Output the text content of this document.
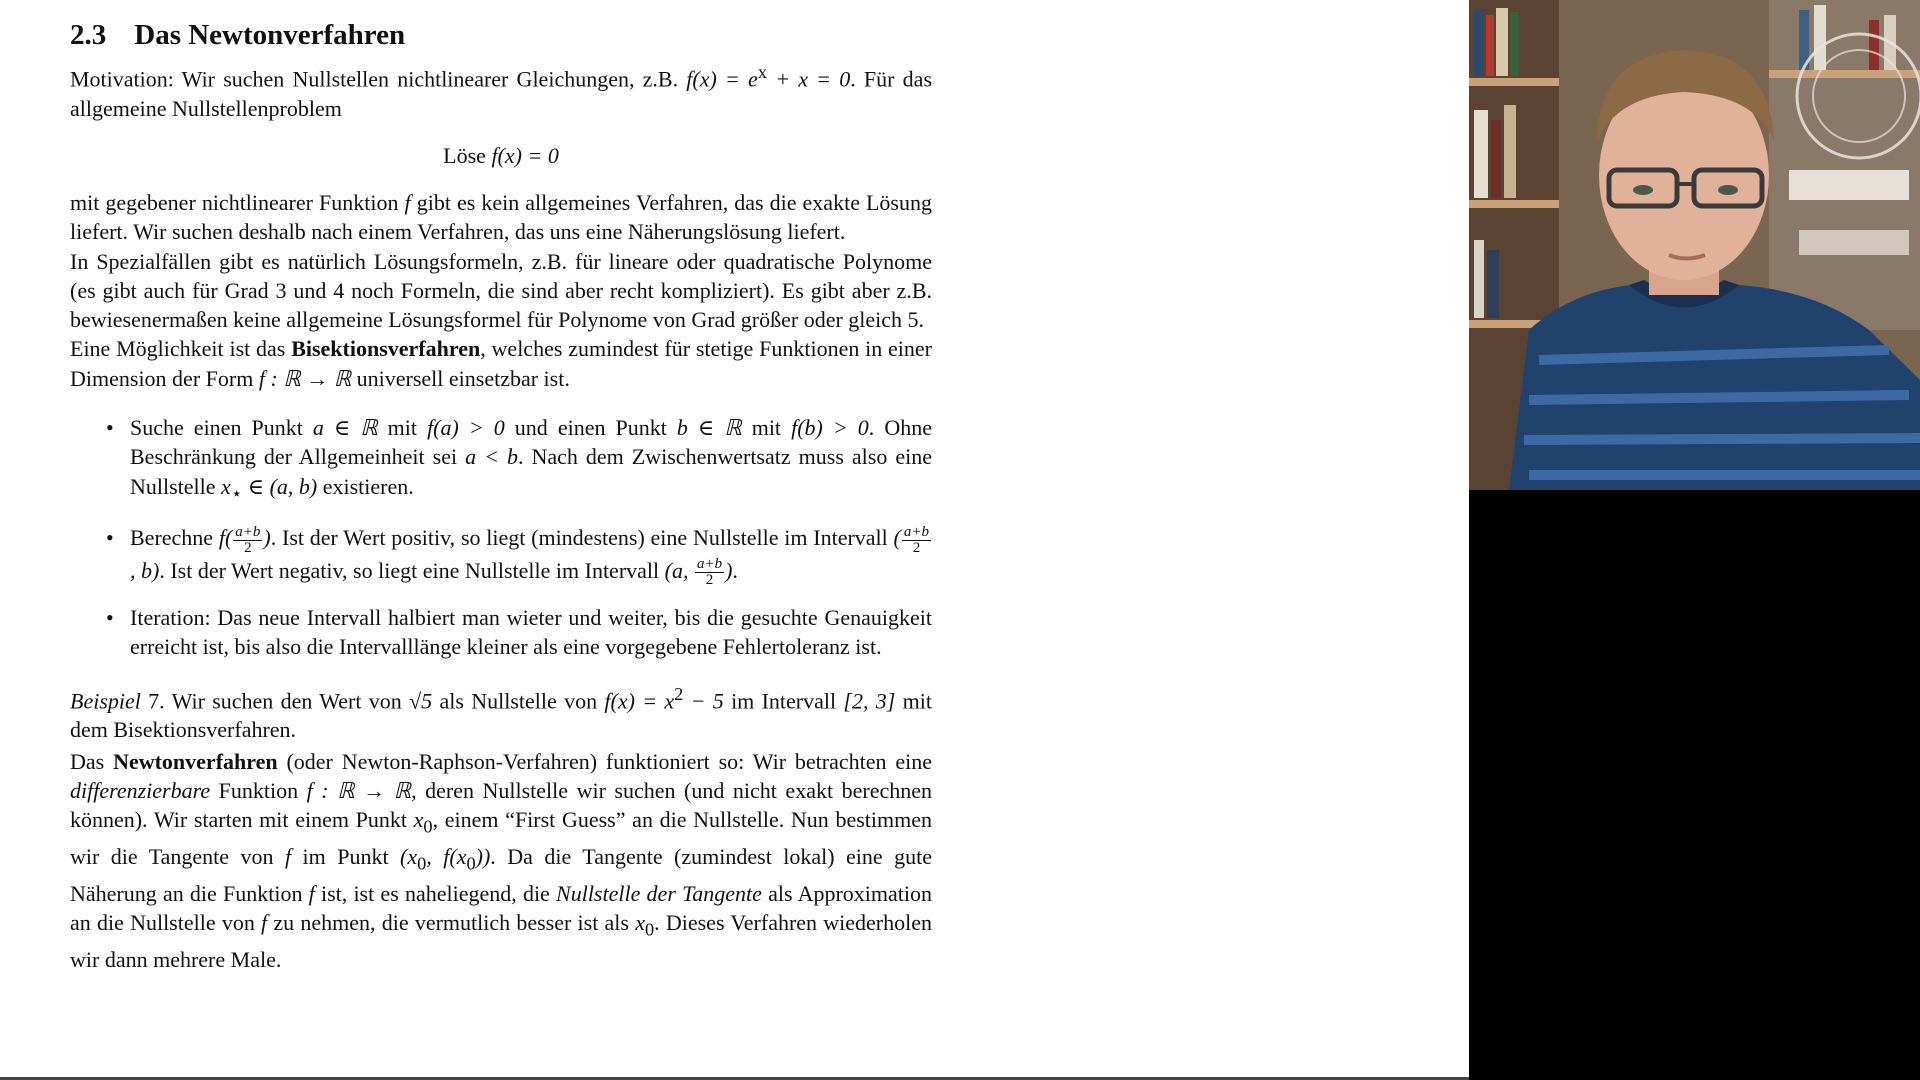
2.3 Das Newtonverfahren

Motivation: Wir suchen Nullstellen nichtlinearer Gleichungen, z.B. $f(x) = e^x + x = 0$. Für das allgemeine Nullstellenproblem

Löse f(x) = 0

mit gegebener nichtlinearer Funktion f gibt es kein allgemeines Verfahren, das die exakte Lösung liefert. Wir suchen deshalb nach einem Verfahren, das uns eine Näherungslösung liefert.

In Spezialfällen gibt es natürlich Lösungsformeln, z.B. für lineare oder quadratische Polynome (es gibt auch für Grad 3 und 4 noch Formeln, die sind aber recht kompliziert). Es gibt aber z.B. bewiesenermaßen keine allgemeine Lösungsformel für Polynome von Grad größer oder gleich 5.

Eine Möglichkeit ist das Bisektionsverfahren, welches zumindest für stetige Funktionen in einer Dimension der Form f : ℝ → ℝ universell einsetzbar ist.

• Suche einen Punkt a ∈ ℝ mit f(a) > 0 und einen Punkt b ∈ ℝ mit f(b) > 0. Ohne Beschränkung der Allgemeinheit sei a < b. Nach dem Zwischenwertsatz muss also eine Nullstelle $x_⋆$ ∈ (a, b) existieren.
• Berechne $f( \frac{a+b}{2}$ ). Ist der Wert positiv, so liegt (mindestens) eine Nullstelle im Intervall ( $\frac{a+b}{2}$
, b). Ist der Wert negativ, so liegt eine Nullstelle im Intervall (a, $\frac{a+b}{2}$ ).
• Iteration: Das neue Intervall halbiert man wieter und weiter, bis die gesuchte Genauigkeit erreicht ist, bis also die Intervalllänge kleiner als eine vorgegebene Fehlertoleranz ist.

Beispiel 7. Wir suchen den Wert von √5 als Nullstelle von $f(x) = x^2 - 5$ im Intervall [2, 3] mit dem Bisektionsverfahren.

Das Newtonverfahren (oder Newton-Raphson-Verfahren) funktioniert so: Wir betrachten eine differenzierbare Funktion f : ℝ → ℝ, deren Nullstelle wir suchen (und nicht exakt berechnen können). Wir starten mit einem Punkt $x_0$, einem “First Guess” an die Nullstelle. Nun bestimmen wir die Tangente von f im Punkt ($x_0$, $f(x_0)$). Da die Tangente (zumindest lokal) eine gute Näherung an die Funktion f ist, ist es naheliegend, die Nullstelle der Tangente als Approximation an die Nullstelle von f zu nehmen, die vermutlich besser ist als $x_0$. Dieses Verfahren wiederholen wir dann mehrere Male.
